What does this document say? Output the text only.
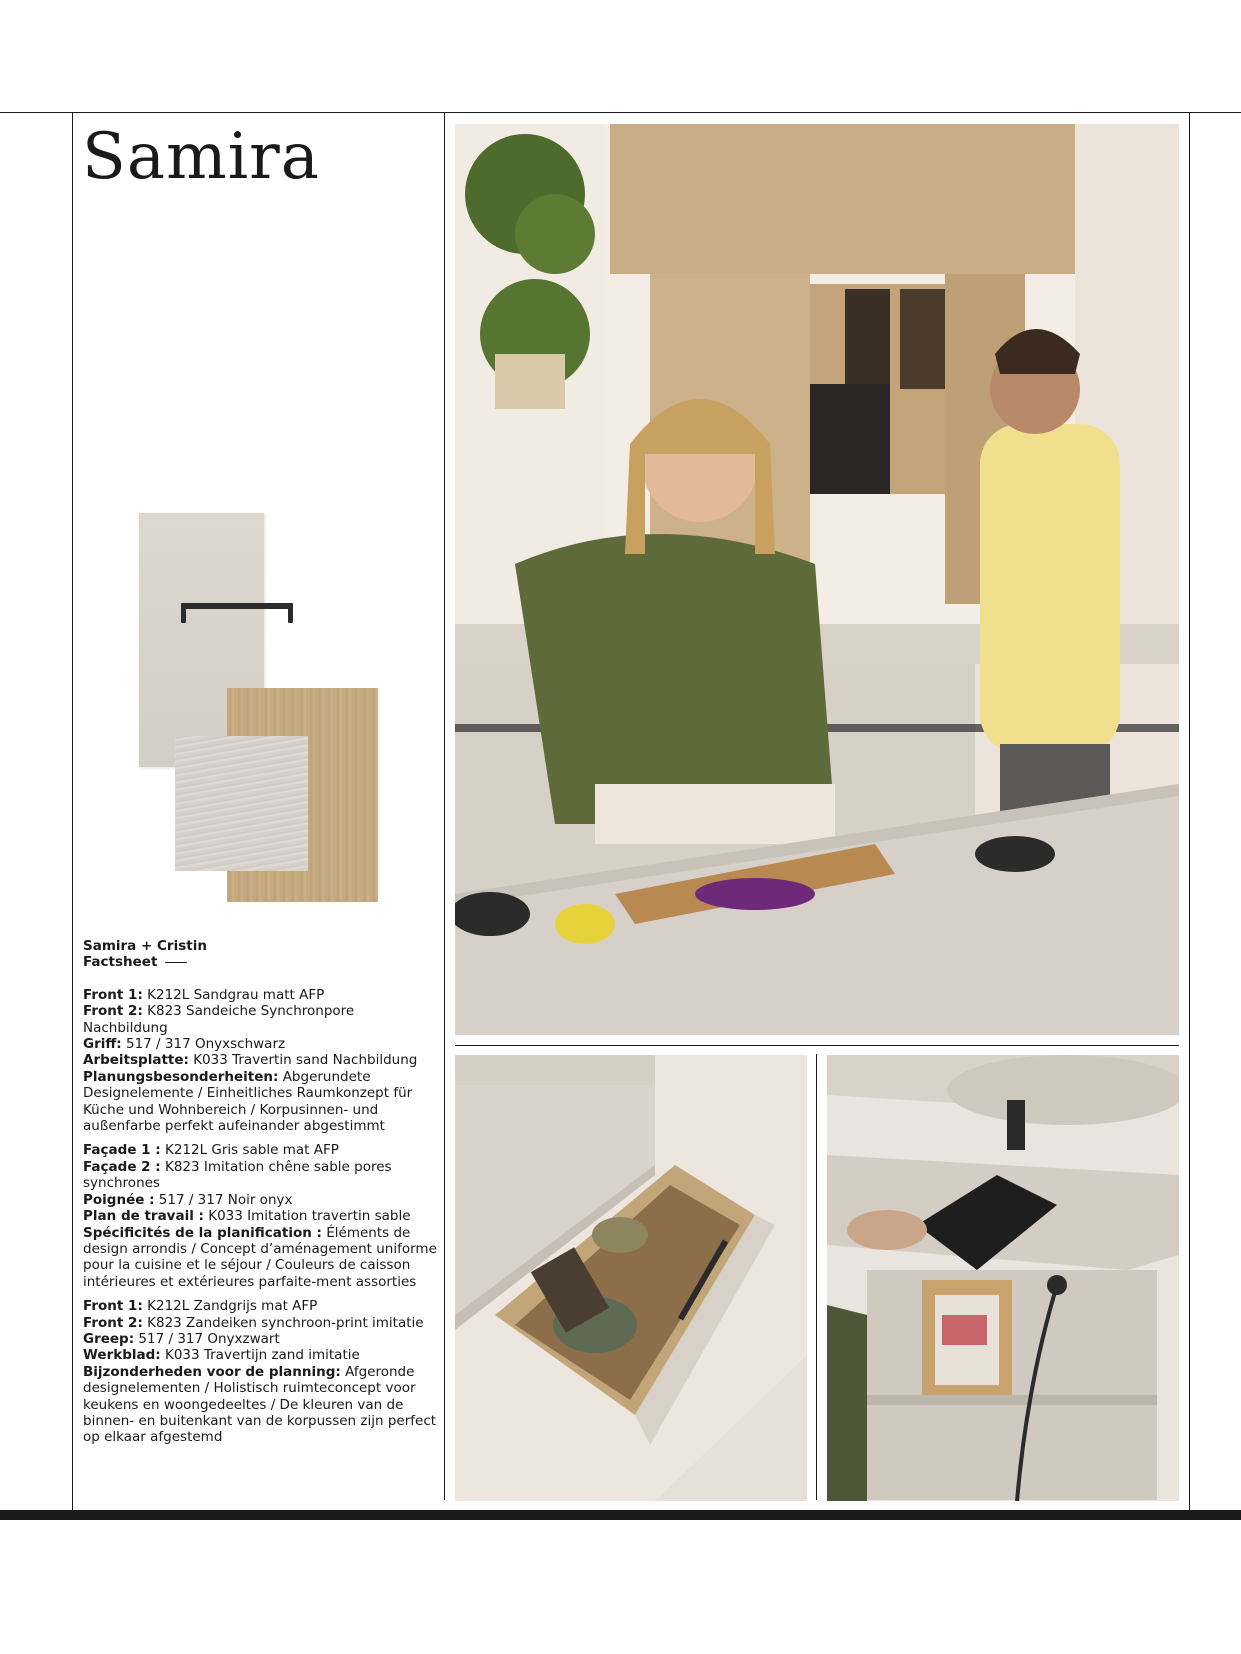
Samira
Samira + Cristin
Factsheet

Front 1: K212L Sandgrau matt AFP

Front 2: K823 Sandeiche Synchronpore Nachbildung

Griff: 517 / 317 Onyxschwarz

Arbeitsplatte: K033 Travertin sand Nachbildung

Planungsbesonderheiten: Abgerundete Designelemente / Einheitliches Raumkonzept für Küche und Wohnbereich / Korpusinnen- und außenfarbe perfekt aufeinander abgestimmt

Façade 1 : K212L Gris sable mat AFP

Façade 2 : K823 Imitation chêne sable pores synchrones

Poignée : 517 / 317 Noir onyx

Plan de travail : K033 Imitation travertin sable

Spécificités de la planification : Éléments de design arrondis / Concept d’aménagement uniforme pour la cuisine et le séjour / Couleurs de caisson intérieures et extérieures parfaite-ment assorties

Front 1: K212L Zandgrijs mat AFP

Front 2: K823 Zandeiken synchroon-print imitatie

Greep: 517 / 317 Onyxzwart

Werkblad: K033 Travertijn zand imitatie

Bijzonderheden voor de planning: Afgeronde designelementen / Holistisch ruimteconcept voor keukens en woongedeeltes / De kleuren van de binnen- en buitenkant van de korpussen zijn perfect op elkaar afgestemd
